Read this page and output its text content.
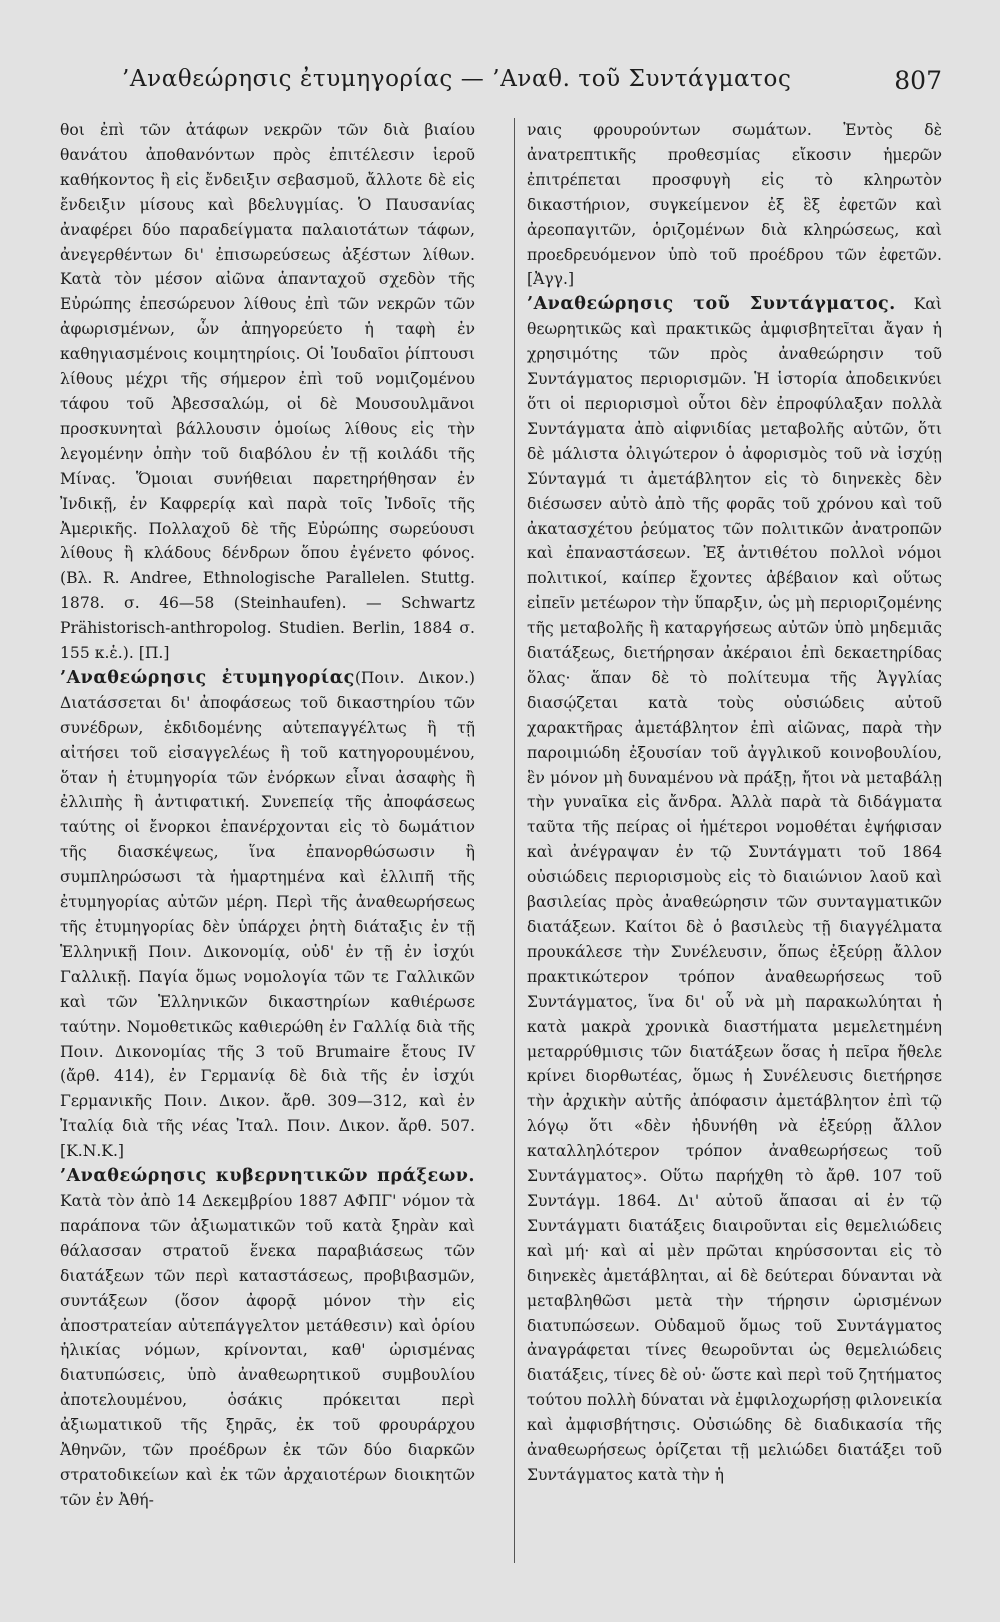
’Αναθεώρησις ἐτυμηγορίας — ’Αναθ. τοῦ Συντάγματος	807

θοι ἐπὶ τῶν ἀτάφων νεκρῶν τῶν διὰ βιαίου θανάτου ἀποθανόντων πρὸς ἐπιτέλεσιν ἱεροῦ καθήκοντος ἢ εἰς ἔνδειξιν σεβασμοῦ, ἄλλοτε δὲ εἰς ἔνδειξιν μίσους καὶ βδελυγμίας. Ὁ Παυσανίας ἀναφέρει δύο παραδείγματα παλαιοτάτων τάφων, ἀνεγερθέντων δι' ἐπισωρεύσεως ἀξέστων λίθων. Κατὰ τὸν μέσον αἰῶνα ἁπανταχοῦ σχεδὸν τῆς Εὐρώπης ἐπεσώρευον λίθους ἐπὶ τῶν νεκρῶν τῶν ἀφωρισμένων, ὧν ἀπηγορεύετο ἡ ταφὴ ἐν καθηγιασμένοις κοιμητηρίοις. Οἱ Ἰουδαῖοι ῥίπτουσι λίθους μέχρι τῆς σήμερον ἐπὶ τοῦ νομιζομένου τάφου τοῦ Ἀβεσσαλώμ, οἱ δὲ Μουσουλμᾶνοι προσκυνηταὶ βάλλουσιν ὁμοίως λίθους εἰς τὴν λεγομένην ὀπὴν τοῦ διαβόλου ἐν τῇ κοιλάδι τῆς Μίνας. Ὅμοιαι συνήθειαι παρετηρήθησαν ἐν Ἰνδικῇ, ἐν Καφρερίᾳ καὶ παρὰ τοῖς Ἰνδοῖς τῆς Ἀμερικῆς. Πολλαχοῦ δὲ τῆς Εὐρώπης σωρεύουσι λίθους ἢ κλάδους δένδρων ὅπου ἐγένετο φόνος. (Βλ. R. Andree, Ethnologische Parallelen. Stuttg. 1878. σ. 46—58 (Steinhaufen). — Schwartz Prähistorisch-anthropolog. Studien. Berlin, 1884 σ. 155 κ.ἑ.). [Π.]

’Αναθεώρησις ἐτυμηγορίας(Ποιν. Δικον.) Διατάσσεται δι' ἀποφάσεως τοῦ δικαστηρίου τῶν συνέδρων, ἐκδιδομένης αὐτεπαγγέλτως ἢ τῇ αἰτήσει τοῦ εἰσαγγελέως ἢ τοῦ κατηγορουμένου, ὅταν ἡ ἐτυμηγορία τῶν ἐνόρκων εἶναι ἀσαφὴς ἢ ἐλλιπὴς ἢ ἀντιφατική. Συνεπείᾳ τῆς ἀποφάσεως ταύτης οἱ ἔνορκοι ἐπανέρχονται εἰς τὸ δωμάτιον τῆς διασκέψεως, ἵνα ἐπανορθώσωσιν ἢ συμπληρώσωσι τὰ ἡμαρτημένα καὶ ἐλλιπῆ τῆς ἐτυμηγορίας αὐτῶν μέρη. Περὶ τῆς ἀναθεωρήσεως τῆς ἐτυμηγορίας δὲν ὑπάρχει ῥητὴ διάταξις ἐν τῇ Ἑλληνικῇ Ποιν. Δικονομίᾳ, οὐδ' ἐν τῇ ἐν ἰσχύι Γαλλικῇ. Παγία ὅμως νομολογία τῶν τε Γαλλικῶν καὶ τῶν Ἑλληνικῶν δικαστηρίων καθιέρωσε ταύτην. Νομοθετικῶς καθιερώθη ἐν Γαλλίᾳ διὰ τῆς Ποιν. Δικονομίας τῆς 3 τοῦ Brumaire ἔτους IV (ἄρθ. 414), ἐν Γερμανίᾳ δὲ διὰ τῆς ἐν ἰσχύι Γερμανικῆς Ποιν. Δικον. ἄρθ. 309—312, καὶ ἐν Ἰταλίᾳ διὰ τῆς νέας Ἰταλ. Ποιν. Δικον. ἄρθ. 507. [Κ.Ν.Κ.]

’Αναθεώρησις κυβερνητικῶν πράξεων. Κατὰ τὸν ἀπὸ 14 Δεκεμβρίου 1887 ΑΦΠΓ' νόμον τὰ παράπονα τῶν ἀξιωματικῶν τοῦ κατὰ ξηρὰν καὶ θάλασσαν στρατοῦ ἕνεκα παραβιάσεως τῶν διατάξεων τῶν περὶ καταστάσεως, προβιβασμῶν, συντάξεων (ὅσον ἀφορᾷ μόνον τὴν εἰς ἀποστρατείαν αὐτεπάγγελτον μετάθεσιν) καὶ ὁρίου ἡλικίας νόμων, κρίνονται, καθ' ὡρισμένας διατυπώσεις, ὑπὸ ἀναθεωρητικοῦ συμβουλίου ἀποτελουμένου, ὁσάκις πρόκειται περὶ ἀξιωματικοῦ τῆς ξηρᾶς, ἐκ τοῦ φρουράρχου Ἀθηνῶν, τῶν προέδρων ἐκ τῶν δύο διαρκῶν στρατοδικείων καὶ ἐκ τῶν ἀρχαιοτέρων διοικητῶν τῶν ἐν Ἀθή-

ναις φρουρούντων σωμάτων. Ἐντὸς δὲ ἀνατρεπτικῆς προθεσμίας εἴκοσιν ἡμερῶν ἐπιτρέπεται προσφυγὴ εἰς τὸ κληρωτὸν δικαστήριον, συγκείμενον ἐξ ἓξ ἐφετῶν καὶ ἀρεοπαγιτῶν, ὁριζομένων διὰ κληρώσεως, καὶ προεδρευόμενον ὑπὸ τοῦ προέδρου τῶν ἐφετῶν. [Ἀγγ.]

’Αναθεώρησις τοῦ Συντάγματος. Καὶ θεωρητικῶς καὶ πρακτικῶς ἀμφισβητεῖται ἄγαν ἡ χρησιμότης τῶν πρὸς ἀναθεώρησιν τοῦ Συντάγματος περιορισμῶν. Ἡ ἱστορία ἀποδεικνύει ὅτι οἱ περιορισμοὶ οὗτοι δὲν ἐπροφύλαξαν πολλὰ Συντάγματα ἀπὸ αἰφνιδίας μεταβολῆς αὐτῶν, ὅτι δὲ μάλιστα ὀλιγώτερον ὁ ἀφορισμὸς τοῦ νὰ ἰσχύῃ Σύνταγμά τι ἀμετάβλητον εἰς τὸ διηνεκὲς δὲν διέσωσεν αὐτὸ ἀπὸ τῆς φορᾶς τοῦ χρόνου καὶ τοῦ ἀκατασχέτου ῥεύματος τῶν πολιτικῶν ἀνατροπῶν καὶ ἐπαναστάσεων. Ἐξ ἀντιθέτου πολλοὶ νόμοι πολιτικοί, καίπερ ἔχοντες ἀβέβαιον καὶ οὕτως εἰπεῖν μετέωρον τὴν ὕπαρξιν, ὡς μὴ περιοριζομένης τῆς μεταβολῆς ἢ καταργήσεως αὐτῶν ὑπὸ μηδεμιᾶς διατάξεως, διετήρησαν ἀκέραιοι ἐπὶ δεκαετηρίδας ὅλας· ἅπαν δὲ τὸ πολίτευμα τῆς Ἀγγλίας διασῴζεται κατὰ τοὺς οὐσιώδεις αὐτοῦ χαρακτῆρας ἀμετάβλητον ἐπὶ αἰῶνας, παρὰ τὴν παροιμιώδη ἐξουσίαν τοῦ ἀγγλικοῦ κοινοβουλίου, ἓν μόνον μὴ δυναμένου νὰ πράξῃ, ἤτοι νὰ μεταβάλῃ τὴν γυναῖκα εἰς ἄνδρα. Ἀλλὰ παρὰ τὰ διδάγματα ταῦτα τῆς πείρας οἱ ἡμέτεροι νομοθέται ἐψήφισαν καὶ ἀνέγραψαν ἐν τῷ Συντάγματι τοῦ 1864 οὐσιώδεις περιορισμοὺς εἰς τὸ διαιώνιον λαοῦ καὶ βασιλείας πρὸς ἀναθεώρησιν τῶν συνταγματικῶν διατάξεων. Καίτοι δὲ ὁ βασιλεὺς τῇ διαγγέλματα προυκάλεσε τὴν Συνέλευσιν, ὅπως ἐξεύρῃ ἄλλον πρακτικώτερον τρόπον ἀναθεωρήσεως τοῦ Συντάγματος, ἵνα δι' οὗ νὰ μὴ παρακωλύηται ἡ κατὰ μακρὰ χρονικὰ διαστήματα μεμελετημένη μεταρρύθμισις τῶν διατάξεων ὅσας ἡ πεῖρα ἤθελε κρίνει διορθωτέας, ὅμως ἡ Συνέλευσις διετήρησε τὴν ἀρχικὴν αὐτῆς ἀπόφασιν ἀμετάβλητον ἐπὶ τῷ λόγῳ ὅτι «δὲν ἠδυνήθη νὰ ἐξεύρῃ ἄλλον καταλληλότερον τρόπον ἀναθεωρήσεως τοῦ Συντάγματος». Οὕτω παρήχθη τὸ ἄρθ. 107 τοῦ Συντάγμ. 1864. Δι' αὐτοῦ ἅπασαι αἱ ἐν τῷ Συντάγματι διατάξεις διαιροῦνται εἰς θεμελιώδεις καὶ μή· καὶ αἱ μὲν πρῶται κηρύσσονται εἰς τὸ διηνεκὲς ἀμετάβληται, αἱ δὲ δεύτεραι δύνανται νὰ μεταβληθῶσι μετὰ τὴν τήρησιν ὡρισμένων διατυπώσεων. Οὐδαμοῦ ὅμως τοῦ Συντάγματος ἀναγράφεται τίνες θεωροῦνται ὡς θεμελιώδεις διατάξεις, τίνες δὲ οὐ· ὥστε καὶ περὶ τοῦ ζητήματος τούτου πολλὴ δύναται νὰ ἐμφιλοχωρήσῃ φιλονεικία καὶ ἀμφισβήτησις. Οὐσιώδης δὲ διαδικασία τῆς ἀναθεωρήσεως ὁρίζεται τῇ μελιώδει διατάξει τοῦ Συντάγματος κατὰ τὴν ἡ
